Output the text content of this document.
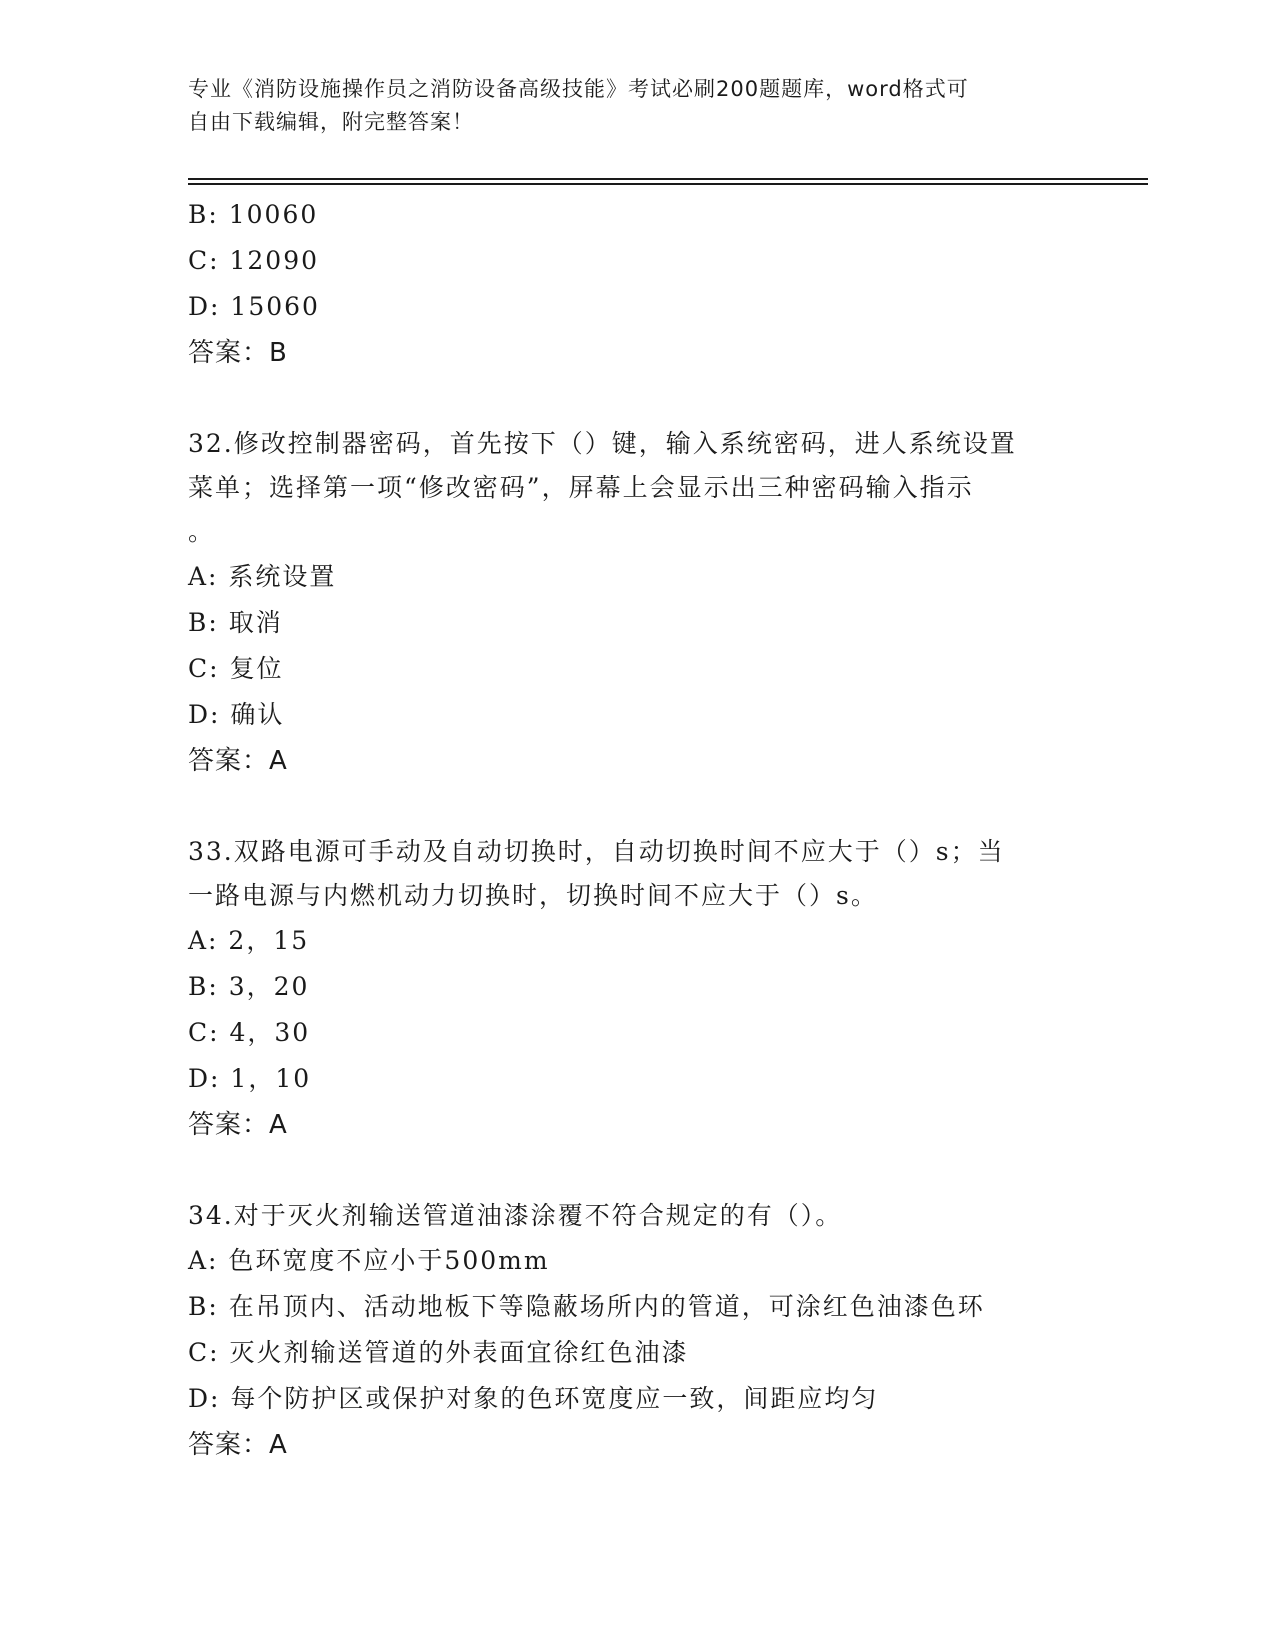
专业《消防设施操作员之消防设备高级技能》考试必刷200题题库，word格式可
自由下载编辑，附完整答案！
B: 10060
C: 12090
D: 15060
答案：B
32.修改控制器密码，首先按下（）键，输入系统密码，进人系统设置
菜单；选择第一项“修改密码”，屏幕上会显示出三种密码输入指示
。
A: 系统设置
B: 取消
C: 复位
D: 确认
答案：A
33.双路电源可手动及自动切换时，自动切换时间不应大于（）s；当
一路电源与内燃机动力切换时，切换时间不应大于（）s。
A: 2，15
B: 3，20
C: 4，30
D: 1，10
答案：A
34.对于灭火剂输送管道油漆涂覆不符合规定的有（）。
A: 色环宽度不应小于500mm
B: 在吊顶内、活动地板下等隐蔽场所内的管道，可涂红色油漆色环
C: 灭火剂输送管道的外表面宜徐红色油漆
D: 每个防护区或保护对象的色环宽度应一致，间距应均匀
答案：A
